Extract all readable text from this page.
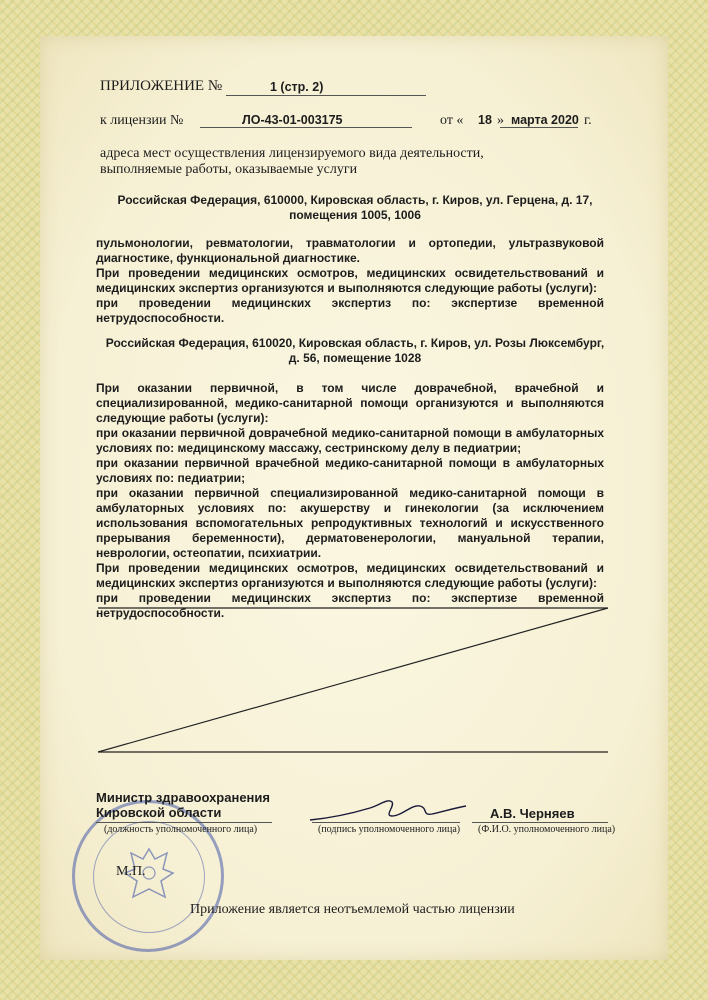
ПРИЛОЖЕНИЕ №	1 (стр. 2)
к лицензии №	ЛО-43-01-003175	от « 18 » марта 2020 г.
адреса мест осуществления лицензируемого вида деятельности, выполняемые работы, оказываемые услуги
Российская Федерация, 610000, Кировская область, г. Киров, ул. Герцена, д. 17,
помещения 1005, 1006

пульмонологии, ревматологии, травматологии и ортопедии, ультразвуковой диагностике, функциональной диагностике.

При проведении медицинских осмотров, медицинских освидетельствований и медицинских экспертиз организуются и выполняются следующие работы (услуги):

при проведении медицинских экспертиз по: экспертизе временной нетрудоспособности.

Российская Федерация, 610020, Кировская область, г. Киров, ул. Розы Люксембург,
д. 56, помещение 1028

При оказании первичной, в том числе доврачебной, врачебной и специализированной, медико-санитарной помощи организуются и выполняются следующие работы (услуги):

при оказании первичной доврачебной медико-санитарной помощи в амбулаторных условиях по: медицинскому массажу, сестринскому делу в педиатрии;

при оказании первичной врачебной медико-санитарной помощи в амбулаторных условиях по: педиатрии;

при оказании первичной специализированной медико-санитарной помощи в амбулаторных условиях по: акушерству и гинекологии (за исключением использования вспомогательных репродуктивных технологий и искусственного прерывания беременности), дерматовенерологии, мануальной терапии, неврологии, остеопатии, психиатрии.

При проведении медицинских осмотров, медицинских освидетельствований и медицинских экспертиз организуются и выполняются следующие работы (услуги):

при проведении медицинских экспертиз по: экспертизе временной нетрудоспособности.

Министр здравоохранения
Кировской области
(должность уполномоченного лица)	(подпись уполномоченного лица)
А.В. Черняев
(Ф.И.О. уполномоченного лица)
М.П.
Приложение является неотъемлемой частью лицензии
